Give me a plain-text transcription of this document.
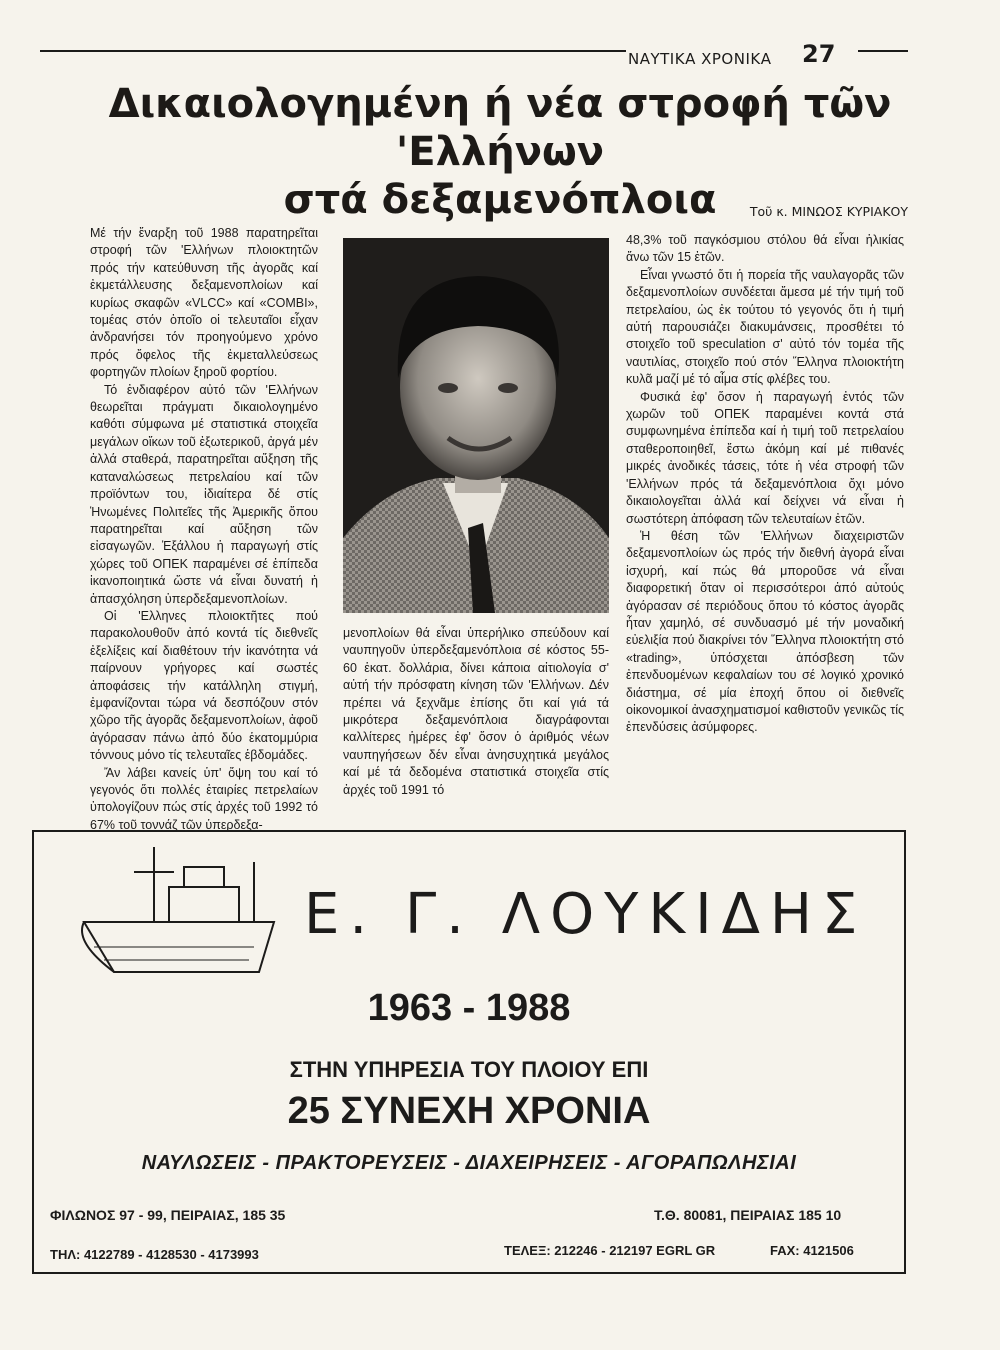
ΝΑΥΤΙΚΑ ΧΡΟΝΙΚΑ 27
Δικαιολογημένη ή νέα στροφή τῶν 'Ελλήνων
στά δεξαμενόπλοια	Τοῦ κ. ΜΙΝΩΟΣ ΚΥΡΙΑΚΟΥ

Μέ τήν ἔναρξη τοῦ 1988 παρατηρεῖται στροφή τῶν 'Ελλήνων πλοιοκτητῶν πρός τήν κατεύθυνση τῆς ἀγορᾶς καί ἐκμετάλλευσης δεξαμενοπλοίων καί κυρίως σκαφῶν «VLCC» καί «COMBI», τομέας στόν ὁποῖο οἱ τελευταῖοι εἶχαν ἀνδρανήσει τόν προηγούμενο χρόνο πρός ὄφελος τῆς ἐκμεταλλεύσεως φορτηγῶν πλοίων ξηροῦ φορτίου.

Τό ἐνδιαφέρον αὐτό τῶν 'Ελλήνων θεωρεῖται πράγματι δικαιολογημένο καθότι σύμφωνα μέ στατιστικά στοιχεῖα μεγάλων οἴκων τοῦ ἐξωτερικοῦ, ἀργά μέν ἀλλά σταθερά, παρατηρεῖται αὔξηση τῆς καταναλώσεως πετρελαίου καί τῶν προϊόντων του, ἰδιαίτερα δέ στίς Ἡνωμένες Πολιτεῖες τῆς Ἀμερικῆς ὅπου παρατηρεῖται καί αὔξηση τῶν εἰσαγωγῶν. Ἐξάλλου ἡ παραγωγή στίς χώρες τοῦ ΟΠΕΚ παραμένει σέ ἐπίπεδα ἱκανοποιητικά ὥστε νά εἶναι δυνατή ἡ ἀπασχόληση ὑπερδεξαμενοπλοίων.

Οἱ 'Ελληνες πλοιοκτῆτες πού παρακολουθοῦν ἀπό κοντά τίς διεθνεῖς ἐξελίξεις καί διαθέτουν τήν ἱκανότητα νά παίρνουν γρήγορες καί σωστές ἀποφάσεις τήν κατάλληλη στιγμή, ἐμφανίζονται τώρα νά δεσπόζουν στόν χῶρο τῆς ἀγορᾶς δεξαμενοπλοίων, ἀφοῦ ἀγόρασαν πάνω ἀπό δύο ἑκατομμύρια τόννους μόνο τίς τελευταῖες ἑβδομάδες.

Ἄν λάβει κανείς ὑπ' ὄψη του καί τό γεγονός ὅτι πολλές ἑταιρίες πετρελαίων ὑπολογίζουν πώς στίς ἀρχές τοῦ 1992 τό 67% τοῦ τοννάζ τῶν ὑπερδεξα-

μενοπλοίων θά εἶναι ὑπερήλικο σπεύδουν καί ναυπηγοῦν ὑπερδεξαμενόπλοια σέ κόστος 55-60 ἑκατ. δολλάρια, δίνει κάποια αἰτιολογία σ' αὐτή τήν πρόσφατη κίνηση τῶν 'Ελλήνων. Δέν πρέπει νά ξεχνᾶμε ἐπίσης ὅτι καί γιά τά μικρότερα δεξαμενόπλοια διαγράφονται καλλίτερες ἡμέρες ἐφ' ὅσον ὁ ἀριθμός νέων ναυπηγήσεων δέν εἶναι ἀνησυχητικά μεγάλος καί μέ τά δεδομένα στατιστικά στοιχεῖα στίς ἀρχές τοῦ 1991 τό

48,3% τοῦ παγκόσμιου στόλου θά εἶναι ἡλικίας ἄνω τῶν 15 ἐτῶν.

Εἶναι γνωστό ὅτι ἡ πορεία τῆς ναυλαγορᾶς τῶν δεξαμενοπλοίων συνδέεται ἄμεσα μέ τήν τιμή τοῦ πετρελαίου, ὡς ἐκ τούτου τό γεγονός ὅτι ἡ τιμή αὐτή παρουσιάζει διακυμάνσεις, προσθέτει τό στοιχεῖο τοῦ speculation σ' αὐτό τόν τομέα τῆς ναυτιλίας, στοιχεῖο πού στόν Ἕλληνα πλοιοκτήτη κυλᾶ μαζί μέ τό αἷμα στίς φλέβες του.

Φυσικά ἐφ' ὅσον ἡ παραγωγή ἐντός τῶν χωρῶν τοῦ ΟΠΕΚ παραμένει κοντά στά συμφωνημένα ἐπίπεδα καί ἡ τιμή τοῦ πετρελαίου σταθεροποιηθεῖ, ἔστω ἀκόμη καί μέ πιθανές μικρές ἀνοδικές τάσεις, τότε ἡ νέα στροφή τῶν 'Ελλήνων πρός τά δεξαμενόπλοια ὄχι μόνο δικαιολογεῖται ἀλλά καί δείχνει νά εἶναι ἡ σωστότερη ἀπόφαση τῶν τελευταίων ἐτῶν.

Ἡ θέση τῶν 'Ελλήνων διαχειριστῶν δεξαμενοπλοίων ὡς πρός τήν διεθνή ἀγορά εἶναι ἰσχυρή, καί πώς θά μποροῦσε νά εἶναι διαφορετική ὅταν οἱ περισσότεροι ἀπό αὐτούς ἀγόρασαν σέ περιόδους ὅπου τό κόστος ἀγορᾶς ἦταν χαμηλό, σέ συνδυασμό μέ τήν μοναδική εὐελιξία πού διακρίνει τόν Ἕλληνα πλοιοκτήτη στό «trading», ὑπόσχεται ἀπόσβεση τῶν ἐπενδυομένων κεφαλαίων του σέ λογικό χρονικό διάστημα, σέ μία ἐποχή ὅπου οἱ διεθνεῖς οἰκονομικοί ἀνασχηματισμοί καθιστοῦν γενικῶς τίς ἐπενδύσεις ἀσύμφορες.

Ε. Γ. ΛΟΥΚΙΔΗΣ
1963 - 1988
ΣΤΗΝ ΥΠΗΡΕΣΙΑ ΤΟΥ ΠΛΟΙΟΥ ΕΠΙ
25 ΣΥΝΕΧΗ ΧΡΟΝΙΑ
ΝΑΥΛΩΣΕΙΣ - ΠΡΑΚΤΟΡΕΥΣΕΙΣ - ΔΙΑΧΕΙΡΗΣΕΙΣ - ΑΓΟΡΑΠΩΛΗΣΙΑΙ
ΦΙΛΩΝΟΣ 97 - 99, ΠΕΙΡΑΙΑΣ, 185 35	Τ.Θ. 80081, ΠΕΙΡΑΙΑΣ 185 10
ΤΗΛ: 4122789 - 4128530 - 4173993	ΤΕΛΕΞ: 212246 - 212197 EGRL GR	FAX: 4121506
